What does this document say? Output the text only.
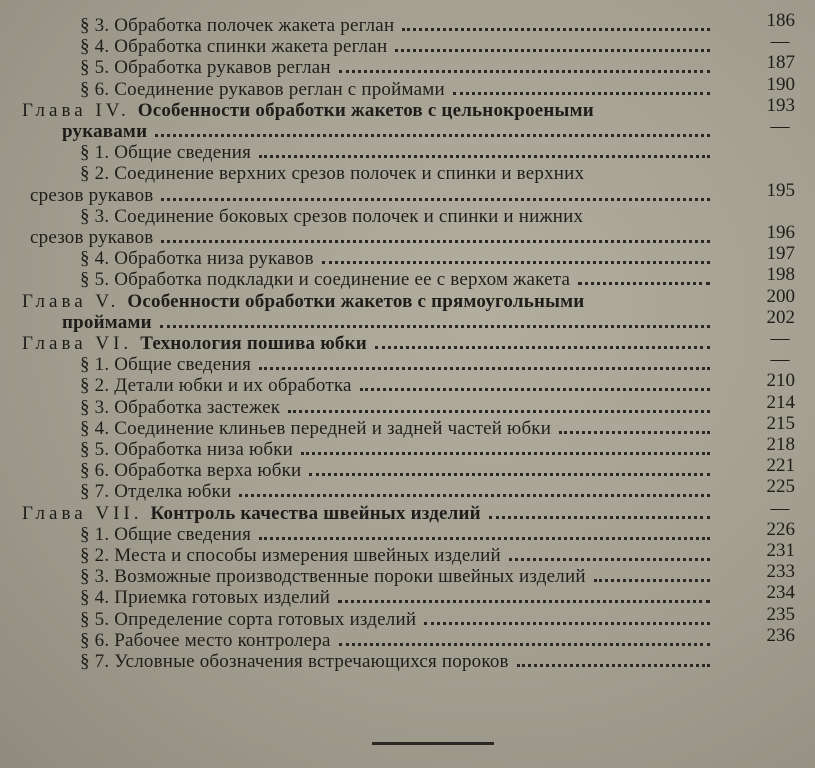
§ 3. Обработка полочек жакета реглан
§ 4. Обработка спинки жакета реглан
§ 5. Обработка рукавов реглан
§ 6. Соединение рукавов реглан с проймами
Глава IV. Особенности обработки жакетов с цельнокроеными
рукавами
§ 1. Общие сведения
§ 2. Соединение верхних срезов полочек и спинки и верхних
срезов рукавов
§ 3. Соединение боковых срезов полочек и спинки и нижних
срезов рукавов
§ 4. Обработка низа рукавов
§ 5. Обработка подкладки и соединение ее с верхом жакета
Глава V. Особенности обработки жакетов с прямоугольными
проймами
Глава VI. Технология пошива юбки
§ 1. Общие сведения
§ 2. Детали юбки и их обработка
§ 3. Обработка застежек
§ 4. Соединение клиньев передней и задней частей юбки
§ 5. Обработка низа юбки
§ 6. Обработка верха юбки
§ 7. Отделка юбки
Глава VII. Контроль качества швейных изделий
§ 1. Общие сведения
§ 2. Места и способы измерения швейных изделий
§ 3. Возможные производственные пороки швейных изделий
§ 4. Приемка готовых изделий
§ 5. Определение сорта готовых изделий
§ 6. Рабочее место контролера
§ 7. Условные обозначения встречающихся пороков
186
—
187
190
193
—
195
196
197
198
200
202
—
—
210
214
215
218
221
225
—
226
231
233
234
235
236
